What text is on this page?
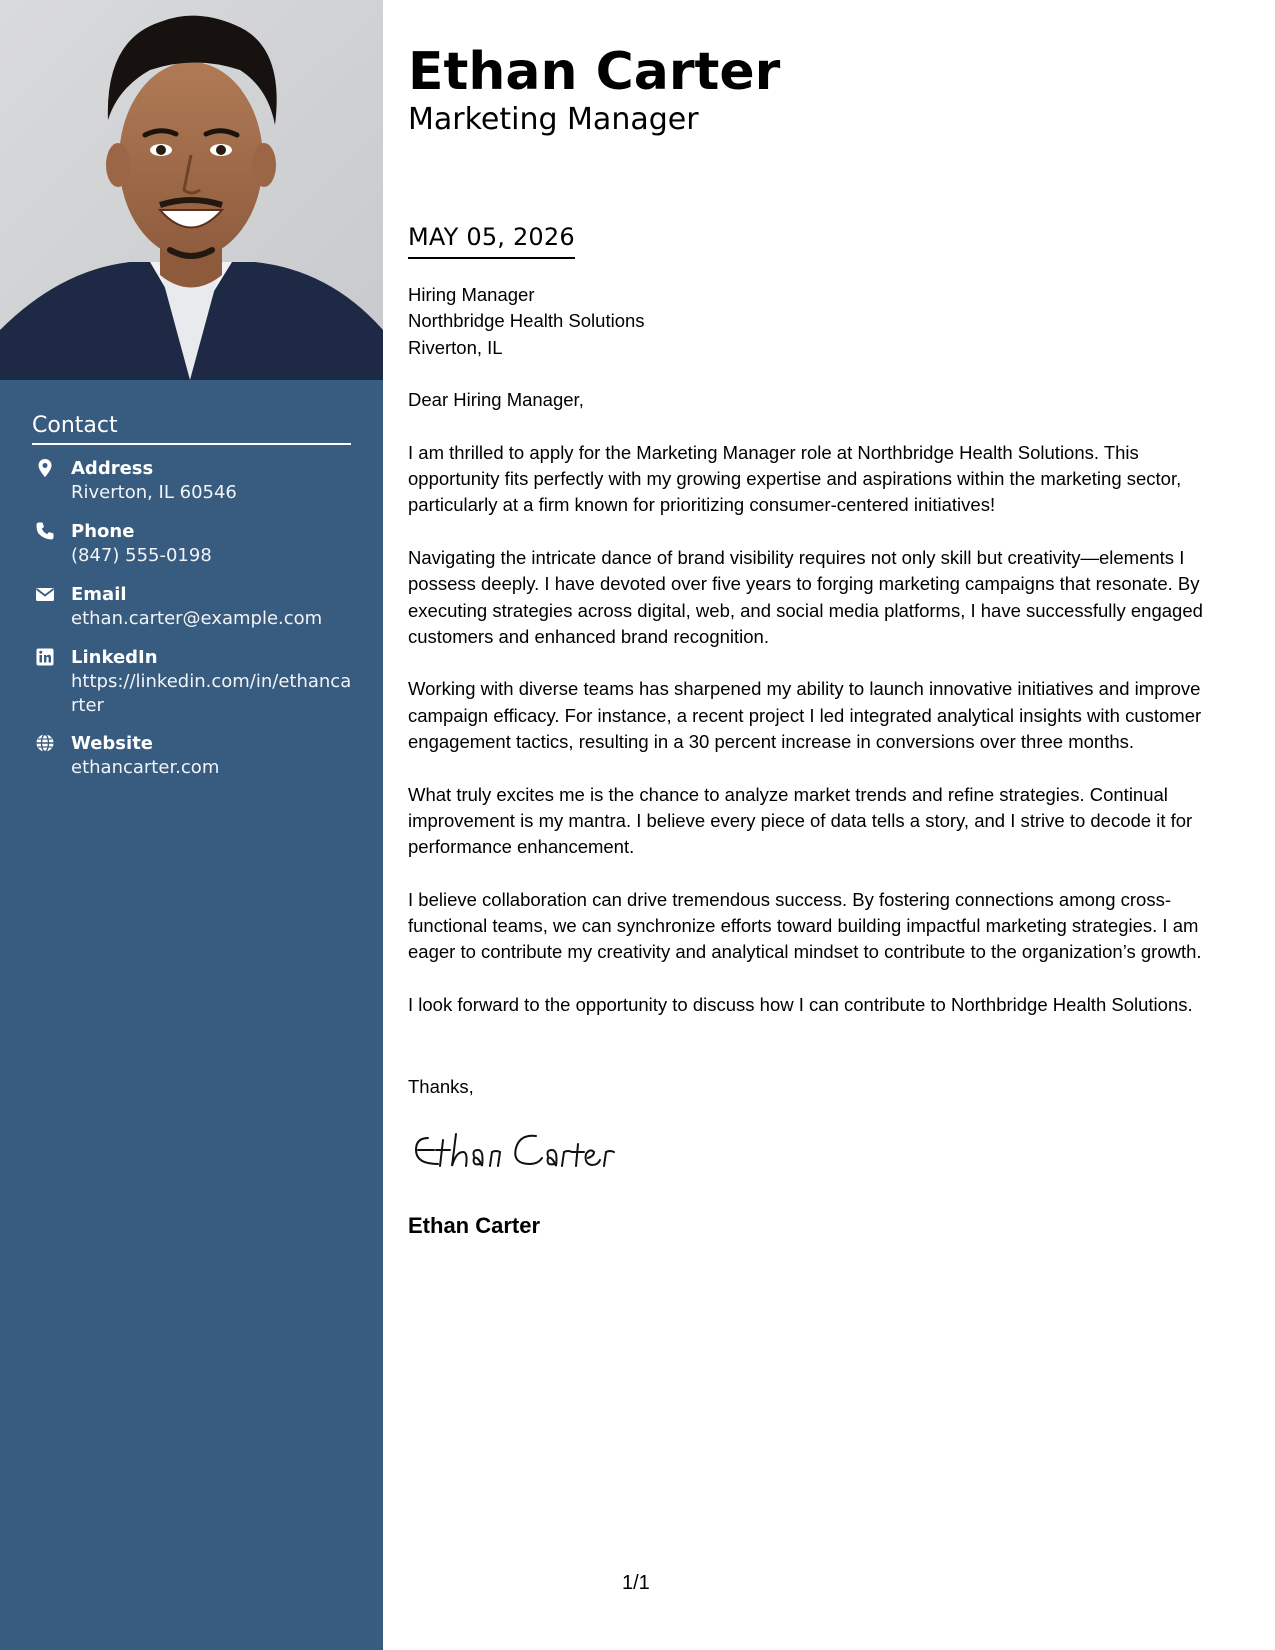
Contact
Address
Riverton, IL 60546
Phone
(847) 555-0198
Email
ethan.carter@example.com
LinkedIn
https://linkedin.com/in/ethancarter
Website
ethancarter.com
Ethan Carter
Marketing Manager
MAY 05, 2026

Hiring Manager
Northbridge Health Solutions
Riverton, IL

Dear Hiring Manager,

I am thrilled to apply for the Marketing Manager role at Northbridge Health Solutions. This opportunity fits perfectly with my growing expertise and aspirations within the marketing sector, particularly at a firm known for prioritizing consumer-centered initiatives!

Navigating the intricate dance of brand visibility requires not only skill but creativity—elements I possess deeply. I have devoted over five years to forging marketing campaigns that resonate. By executing strategies across digital, web, and social media platforms, I have successfully engaged customers and enhanced brand recognition.

Working with diverse teams has sharpened my ability to launch innovative initiatives and improve campaign efficacy. For instance, a recent project I led integrated analytical insights with customer engagement tactics, resulting in a 30 percent increase in conversions over three months.

What truly excites me is the chance to analyze market trends and refine strategies. Continual improvement is my mantra. I believe every piece of data tells a story, and I strive to decode it for performance enhancement.

I believe collaboration can drive tremendous success. By fostering connections among cross-functional teams, we can synchronize efforts toward building impactful marketing strategies. I am eager to contribute my creativity and analytical mindset to contribute to the organization’s growth.

I look forward to the opportunity to discuss how I can contribute to Northbridge Health Solutions.

Thanks,
Ethan Carter
1/1
